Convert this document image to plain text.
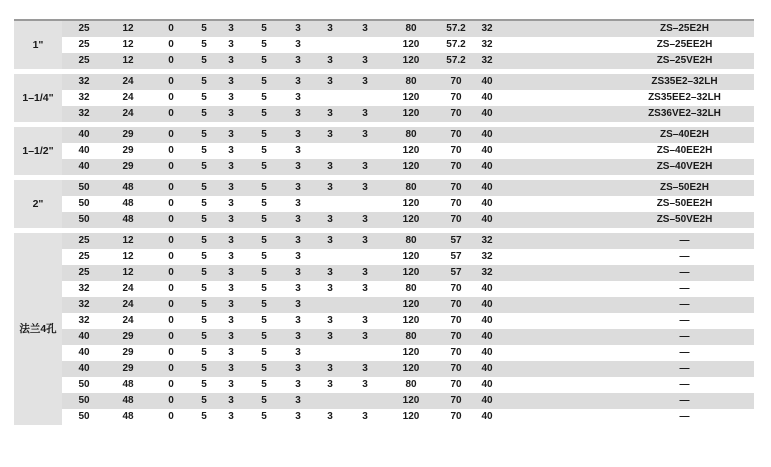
1"	25	12	0	5	3	5	3	3	3	80	57.2	32		ZS–25E2H	
	25	12	0	5	3	5	3			120	57.2	32		ZS–25EE2H	
	25	12	0	5	3	5	3	3	3	120	57.2	32		ZS–25VE2H	

1–1/4"	32	24	0	5	3	5	3	3	3	80	70	40		ZS35E2–32LH	
	32	24	0	5	3	5	3			120	70	40		ZS35EE2–32LH	
	32	24	0	5	3	5	3	3	3	120	70	40		ZS36VE2–32LH	

1–1/2"	40	29	0	5	3	5	3	3	3	80	70	40		ZS–40E2H	
	40	29	0	5	3	5	3			120	70	40		ZS–40EE2H	
	40	29	0	5	3	5	3	3	3	120	70	40		ZS–40VE2H	

2"	50	48	0	5	3	5	3	3	3	80	70	40		ZS–50E2H	
	50	48	0	5	3	5	3			120	70	40		ZS–50EE2H	
	50	48	0	5	3	5	3	3	3	120	70	40		ZS–50VE2H	

法兰4孔	25	12	0	5	3	5	3	3	3	80	57	32		—	
	25	12	0	5	3	5	3			120	57	32		—	
	25	12	0	5	3	5	3	3	3	120	57	32		—	
	32	24	0	5	3	5	3	3	3	80	70	40		—	
	32	24	0	5	3	5	3			120	70	40		—	
	32	24	0	5	3	5	3	3	3	120	70	40		—	
	40	29	0	5	3	5	3	3	3	80	70	40		—	
	40	29	0	5	3	5	3			120	70	40		—	
	40	29	0	5	3	5	3	3	3	120	70	40		—	
	50	48	0	5	3	5	3	3	3	80	70	40		—	
	50	48	0	5	3	5	3			120	70	40		—	
	50	48	0	5	3	5	3	3	3	120	70	40		—	
